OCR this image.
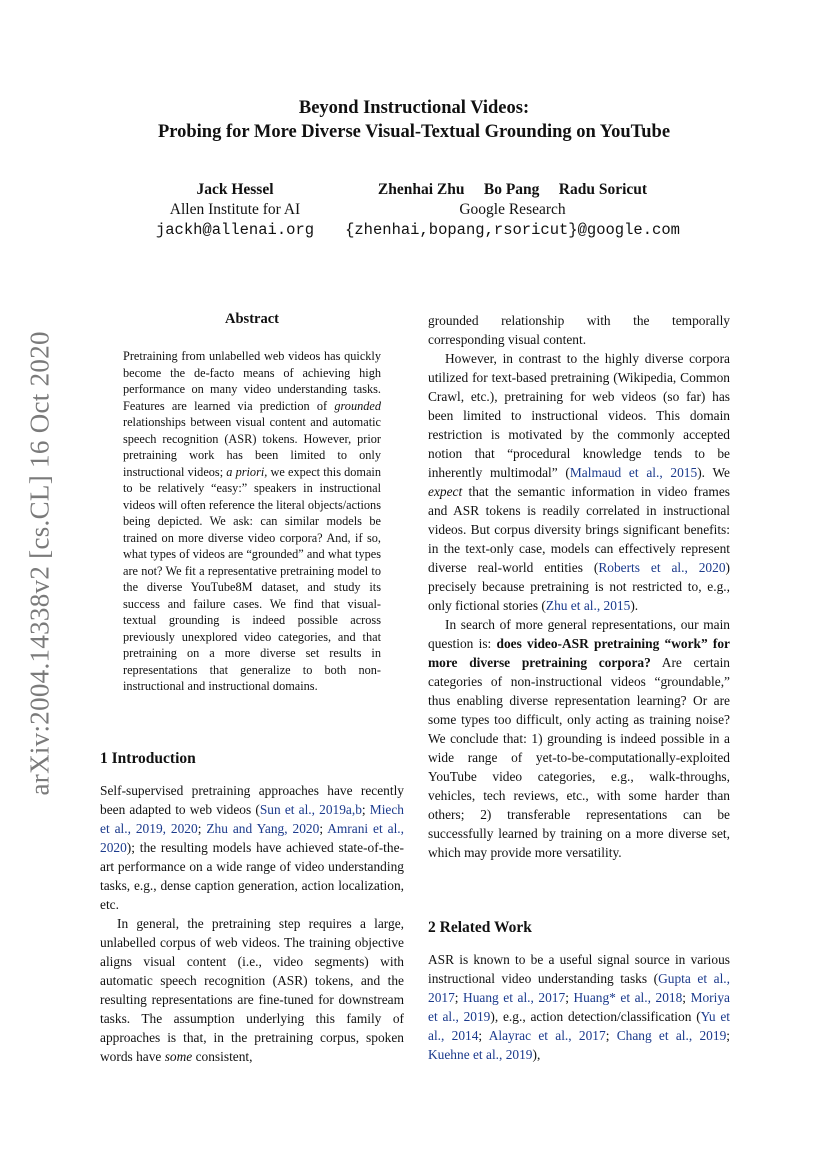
arXiv:2004.14338v2 [cs.CL] 16 Oct 2020
Beyond Instructional Videos:
Probing for More Diverse Visual-Textual Grounding on YouTube
Jack Hessel
Allen Institute for AI
jackh@allenai.org
Zhenhai Zhu     Bo Pang     Radu Soricut
Google Research
{zhenhai,bopang,rsoricut}@google.com
Abstract
Pretraining from unlabelled web videos has quickly become the de-facto means of achieving high performance on many video understanding tasks. Features are learned via prediction of grounded relationships between visual content and automatic speech recognition (ASR) tokens. However, prior pretraining work has been limited to only instructional videos; a priori, we expect this domain to be relatively “easy:” speakers in instructional videos will often reference the literal objects/actions being depicted. We ask: can similar models be trained on more diverse video corpora? And, if so, what types of videos are “grounded” and what types are not? We fit a representative pretraining model to the diverse YouTube8M dataset, and study its success and failure cases. We find that visual-textual grounding is indeed possible across previously unexplored video categories, and that pretraining on a more diverse set results in representations that generalize to both non-instructional and instructional domains.
1 Introduction

Self-supervised pretraining approaches have recently been adapted to web videos (Sun et al., 2019a,b; Miech et al., 2019, 2020; Zhu and Yang, 2020; Amrani et al., 2020); the resulting models have achieved state-of-the-art performance on a wide range of video understanding tasks, e.g., dense caption generation, action localization, etc.

In general, the pretraining step requires a large, unlabelled corpus of web videos. The training objective aligns visual content (i.e., video segments) with automatic speech recognition (ASR) tokens, and the resulting representations are fine-tuned for downstream tasks. The assumption underlying this family of approaches is that, in the pretraining corpus, spoken words have some consistent,

grounded relationship with the temporally corresponding visual content.

However, in contrast to the highly diverse corpora utilized for text-based pretraining (Wikipedia, Common Crawl, etc.), pretraining for web videos (so far) has been limited to instructional videos. This domain restriction is motivated by the commonly accepted notion that “procedural knowledge tends to be inherently multimodal” (Malmaud et al., 2015). We expect that the semantic information in video frames and ASR tokens is readily correlated in instructional videos. But corpus diversity brings significant benefits: in the text-only case, models can effectively represent diverse real-world entities (Roberts et al., 2020) precisely because pretraining is not restricted to, e.g., only fictional stories (Zhu et al., 2015).

In search of more general representations, our main question is: does video-ASR pretraining “work” for more diverse pretraining corpora? Are certain categories of non-instructional videos “groundable,” thus enabling diverse representation learning? Or are some types too difficult, only acting as training noise? We conclude that: 1) grounding is indeed possible in a wide range of yet-to-be-computationally-exploited YouTube video categories, e.g., walk-throughs, vehicles, tech reviews, etc., with some harder than others; 2) transferable representations can be successfully learned by training on a more diverse set, which may provide more versatility.

2 Related Work

ASR is known to be a useful signal source in various instructional video understanding tasks (Gupta et al., 2017; Huang et al., 2017; Huang* et al., 2018; Moriya et al., 2019), e.g., action detection/classification (Yu et al., 2014; Alayrac et al., 2017; Chang et al., 2019; Kuehne et al., 2019),
